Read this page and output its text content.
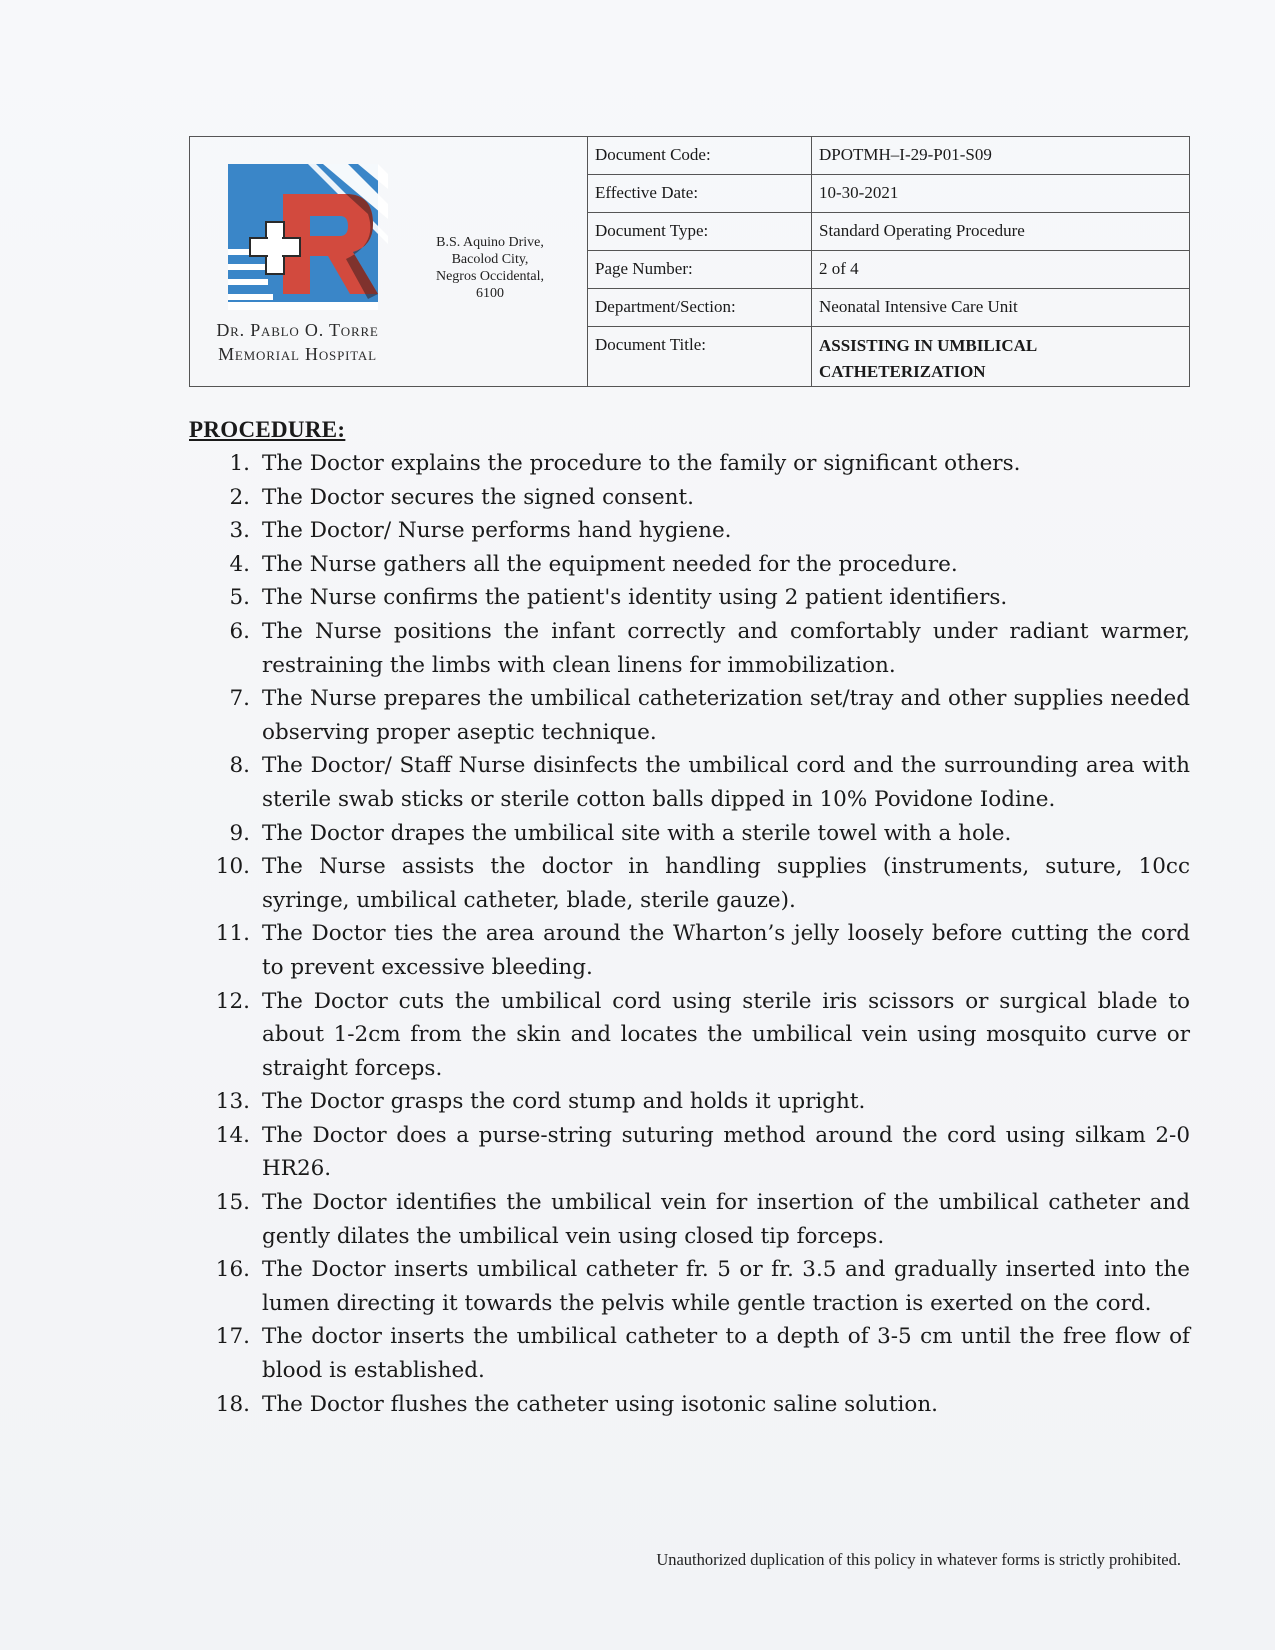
Dr. Pablo O. Torre
Memorial Hospital
B.S. Aquino Drive,
Bacolod City,
Negros Occidental,
6100
Document Code:	DPOTMH–I-29-P01-S09
Effective Date:	10-30-2021
Document Type:	Standard Operating Procedure
Page Number:	2 of 4
Department/Section:	Neonatal Intensive Care Unit
Document Title:	ASSISTING IN UMBILICAL CATHETERIZATION
PROCEDURE:
1. The Doctor explains the procedure to the family or significant others.
2. The Doctor secures the signed consent.
3. The Doctor/ Nurse performs hand hygiene.
4. The Nurse gathers all the equipment needed for the procedure.
5. The Nurse confirms the patient's identity using 2 patient identifiers.
6. The Nurse positions the infant correctly and comfortably under radiant warmer, restraining the limbs with clean linens for immobilization.
7. The Nurse prepares the umbilical catheterization set/tray and other supplies needed observing proper aseptic technique.
8. The Doctor/ Staff Nurse disinfects the umbilical cord and the surrounding area with sterile swab sticks or sterile cotton balls dipped in 10% Povidone Iodine.
9. The Doctor drapes the umbilical site with a sterile towel with a hole.
10. The Nurse assists the doctor in handling supplies (instruments, suture, 10cc syringe, umbilical catheter, blade, sterile gauze).
11. The Doctor ties the area around the Wharton’s jelly loosely before cutting the cord to prevent excessive bleeding.
12. The Doctor cuts the umbilical cord using sterile iris scissors or surgical blade to about 1-2cm from the skin and locates the umbilical vein using mosquito curve or straight forceps.
13. The Doctor grasps the cord stump and holds it upright.
14. The Doctor does a purse-string suturing method around the cord using silkam 2-0 HR26.
15. The Doctor identifies the umbilical vein for insertion of the umbilical catheter and gently dilates the umbilical vein using closed tip forceps.
16. The Doctor inserts umbilical catheter fr. 5 or fr. 3.5 and gradually inserted into the lumen directing it towards the pelvis while gentle traction is exerted on the cord.
17. The doctor inserts the umbilical catheter to a depth of 3-5 cm until the free flow of blood is established.
18. The Doctor flushes the catheter using isotonic saline solution.
Unauthorized duplication of this policy in whatever forms is strictly prohibited.
